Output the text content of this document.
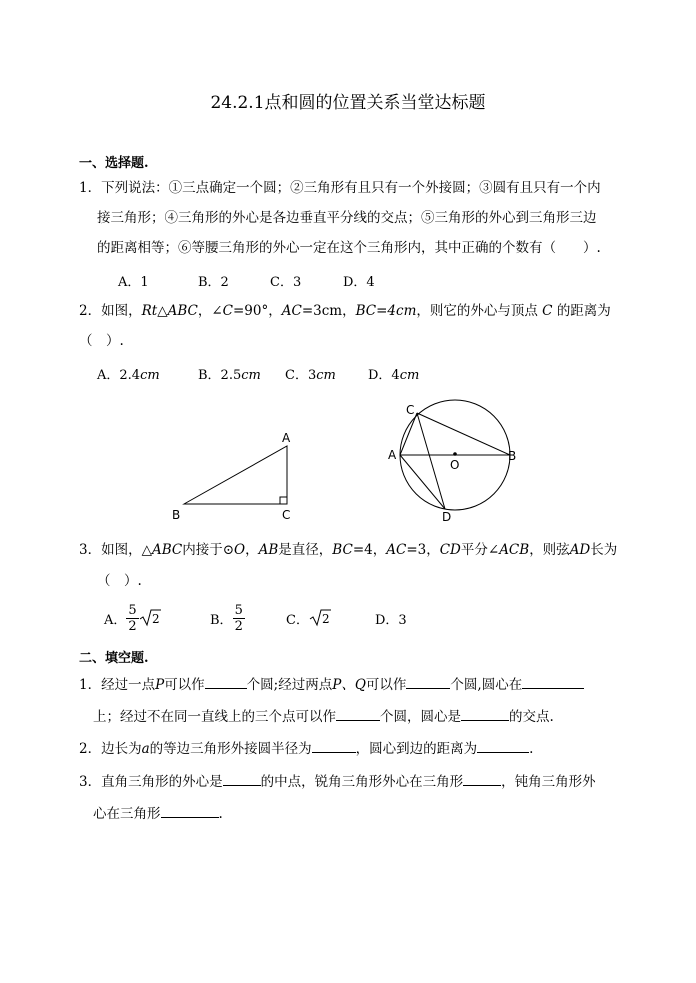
24.2.1点和圆的位置关系当堂达标题
一、选择题.
1．下列说法：①三点确定一个圆；②三角形有且只有一个外接圆；③圆有且只有一个内
接三角形；④三角形的外心是各边垂直平分线的交点；⑤三角形的外心到三角形三边
的距离相等；⑥等腰三角形的外心一定在这个三角形内，其中正确的个数有（　　）.
A．1	B．2	C．3	D．4
2．如图，Rt△ABC，∠C=90°，AC=3cm，BC=4cm，则它的外心与顶点 C 的距离为
（　）.
A．2.4cm	B．2.5cm C．3cm D．4cm
A
B	C
C
A
O
B
D
3．如图，△ABC内接于⊙O，AB是直径，BC=4，AC=3，CD平分∠ACB，则弦AD长为
（　）.
A． $\frac{5}{2} 2$	B． $\frac{5}{2}$	C． 2	D．3
二、填空题.
1．经过一点P可以作	个圆;经过两点P、Q可以作	个圆,圆心在
上；经过不在同一直线上的三个点可以作	个圆，圆心是	的交点.
2．边长为a的等边三角形外接圆半径为	，圆心到边的距离为	.
3．直角三角形的外心是	的中点，锐角三角形外心在三角形	，钝角三角形外
心在三角形	.
